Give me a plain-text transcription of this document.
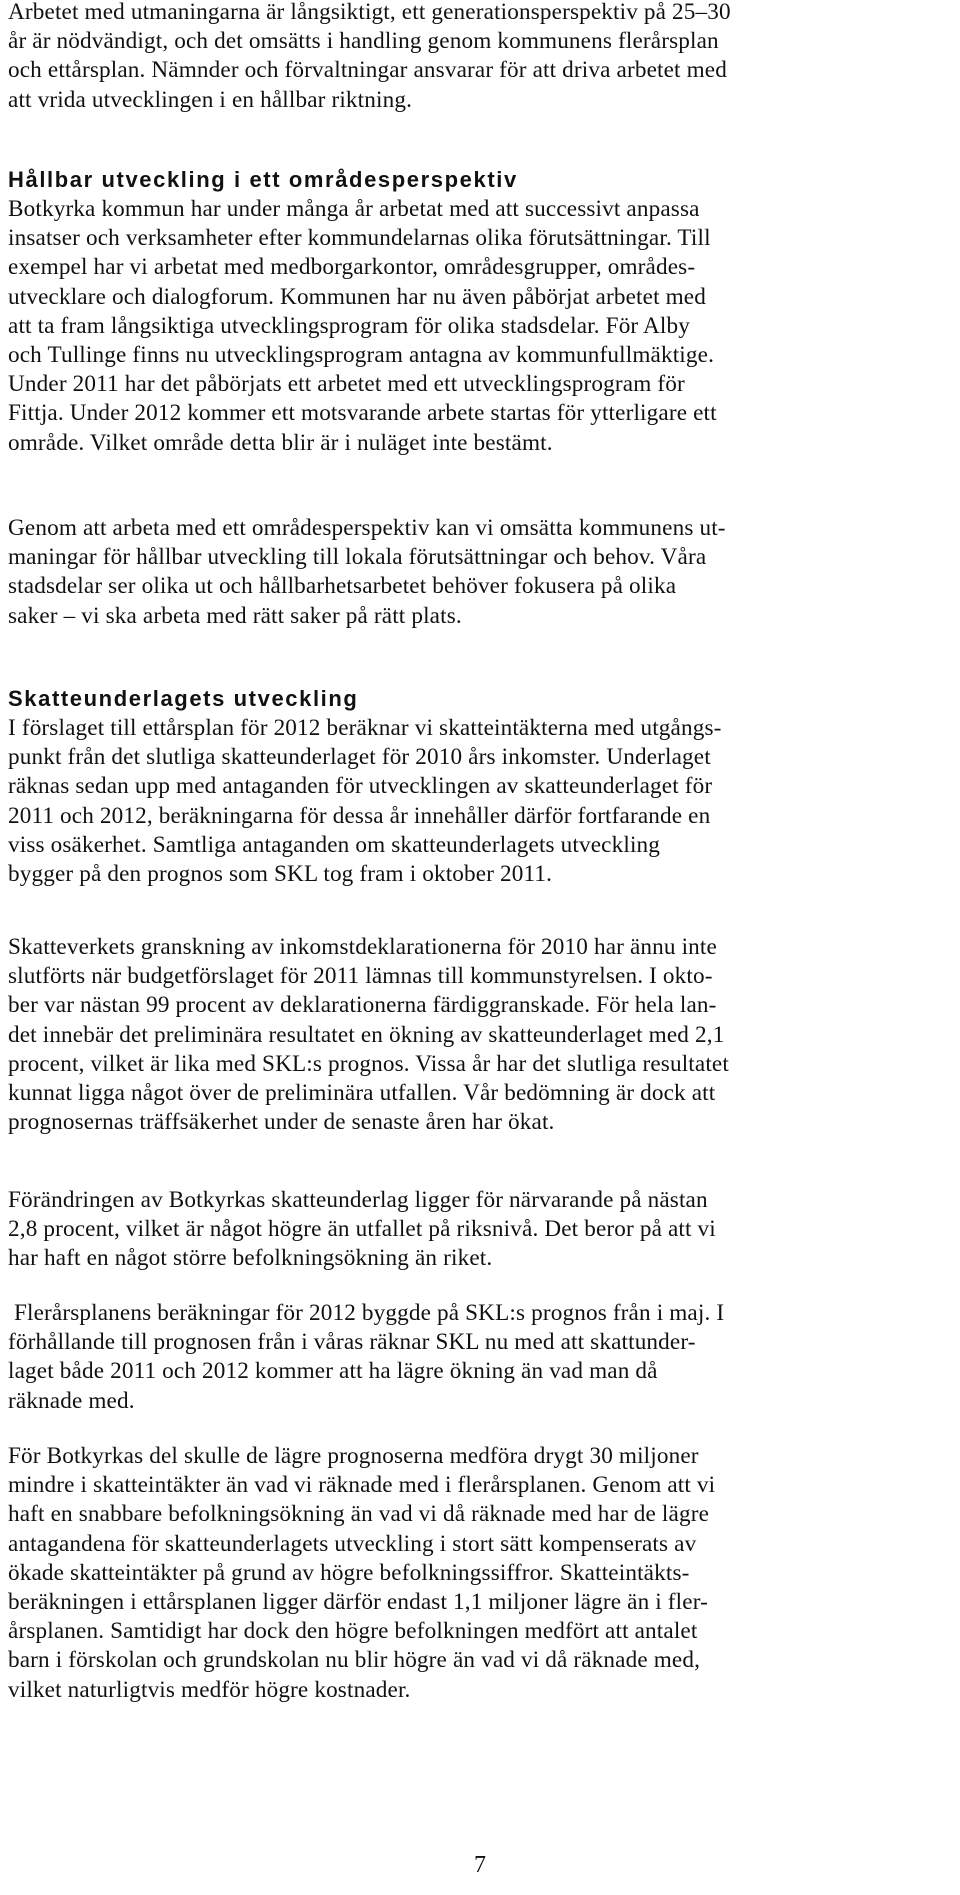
Arbetet med utmaningarna är långsiktigt, ett generationsperspektiv på 25–30
år är nödvändigt, och det omsätts i handling genom kommunens flerårsplan
och ettårsplan. Nämnder och förvaltningar ansvarar för att driva arbetet med
att vrida utvecklingen i en hållbar riktning.
Hållbar utveckling i ett områdesperspektiv
Botkyrka kommun har under många år arbetat med att successivt anpassa
insatser och verksamheter efter kommundelarnas olika förutsättningar. Till
exempel har vi arbetat med medborgarkontor, områdesgrupper, områdes-
utvecklare och dialogforum. Kommunen har nu även påbörjat arbetet med
att ta fram långsiktiga utvecklingsprogram för olika stadsdelar. För Alby
och Tullinge finns nu utvecklingsprogram antagna av kommunfullmäktige.
Under 2011 har det påbörjats ett arbetet med ett utvecklingsprogram för
Fittja. Under 2012 kommer ett motsvarande arbete startas för ytterligare ett
område. Vilket område detta blir är i nuläget inte bestämt.
Genom att arbeta med ett områdesperspektiv kan vi omsätta kommunens ut-
maningar för hållbar utveckling till lokala förutsättningar och behov. Våra
stadsdelar ser olika ut och hållbarhetsarbetet behöver fokusera på olika
saker – vi ska arbeta med rätt saker på rätt plats.
Skatteunderlagets utveckling
I förslaget till ettårsplan för 2012 beräknar vi skatteintäkterna med utgångs-
punkt från det slutliga skatteunderlaget för 2010 års inkomster. Underlaget
räknas sedan upp med antaganden för utvecklingen av skatteunderlaget för
2011 och 2012, beräkningarna för dessa år innehåller därför fortfarande en
viss osäkerhet. Samtliga antaganden om skatteunderlagets utveckling
bygger på den prognos som SKL tog fram i oktober 2011.
Skatteverkets granskning av inkomstdeklarationerna för 2010 har ännu inte
slutförts när budgetförslaget för 2011 lämnas till kommunstyrelsen. I okto-
ber var nästan 99 procent av deklarationerna färdiggranskade. För hela lan-
det innebär det preliminära resultatet en ökning av skatteunderlaget med 2,1
procent, vilket är lika med SKL:s prognos. Vissa år har det slutliga resultatet
kunnat ligga något över de preliminära utfallen. Vår bedömning är dock att
prognosernas träffsäkerhet under de senaste åren har ökat.
Förändringen av Botkyrkas skatteunderlag ligger för närvarande på nästan
2,8 procent, vilket är något högre än utfallet på riksnivå. Det beror på att vi
har haft en något större befolkningsökning än riket.
Flerårsplanens beräkningar för 2012 byggde på SKL:s prognos från i maj. I
förhållande till prognosen från i våras räknar SKL nu med att skattunder-
laget både 2011 och 2012 kommer att ha lägre ökning än vad man då
räknade med.
För Botkyrkas del skulle de lägre prognoserna medföra drygt 30 miljoner
mindre i skatteintäkter än vad vi räknade med i flerårsplanen. Genom att vi
haft en snabbare befolkningsökning än vad vi då räknade med har de lägre
antagandena för skatteunderlagets utveckling i stort sätt kompenserats av
ökade skatteintäkter på grund av högre befolkningssiffror. Skatteintäkts-
beräkningen i ettårsplanen ligger därför endast 1,1 miljoner lägre än i fler-
årsplanen. Samtidigt har dock den högre befolkningen medfört att antalet
barn i förskolan och grundskolan nu blir högre än vad vi då räknade med,
vilket naturligtvis medför högre kostnader.

7
